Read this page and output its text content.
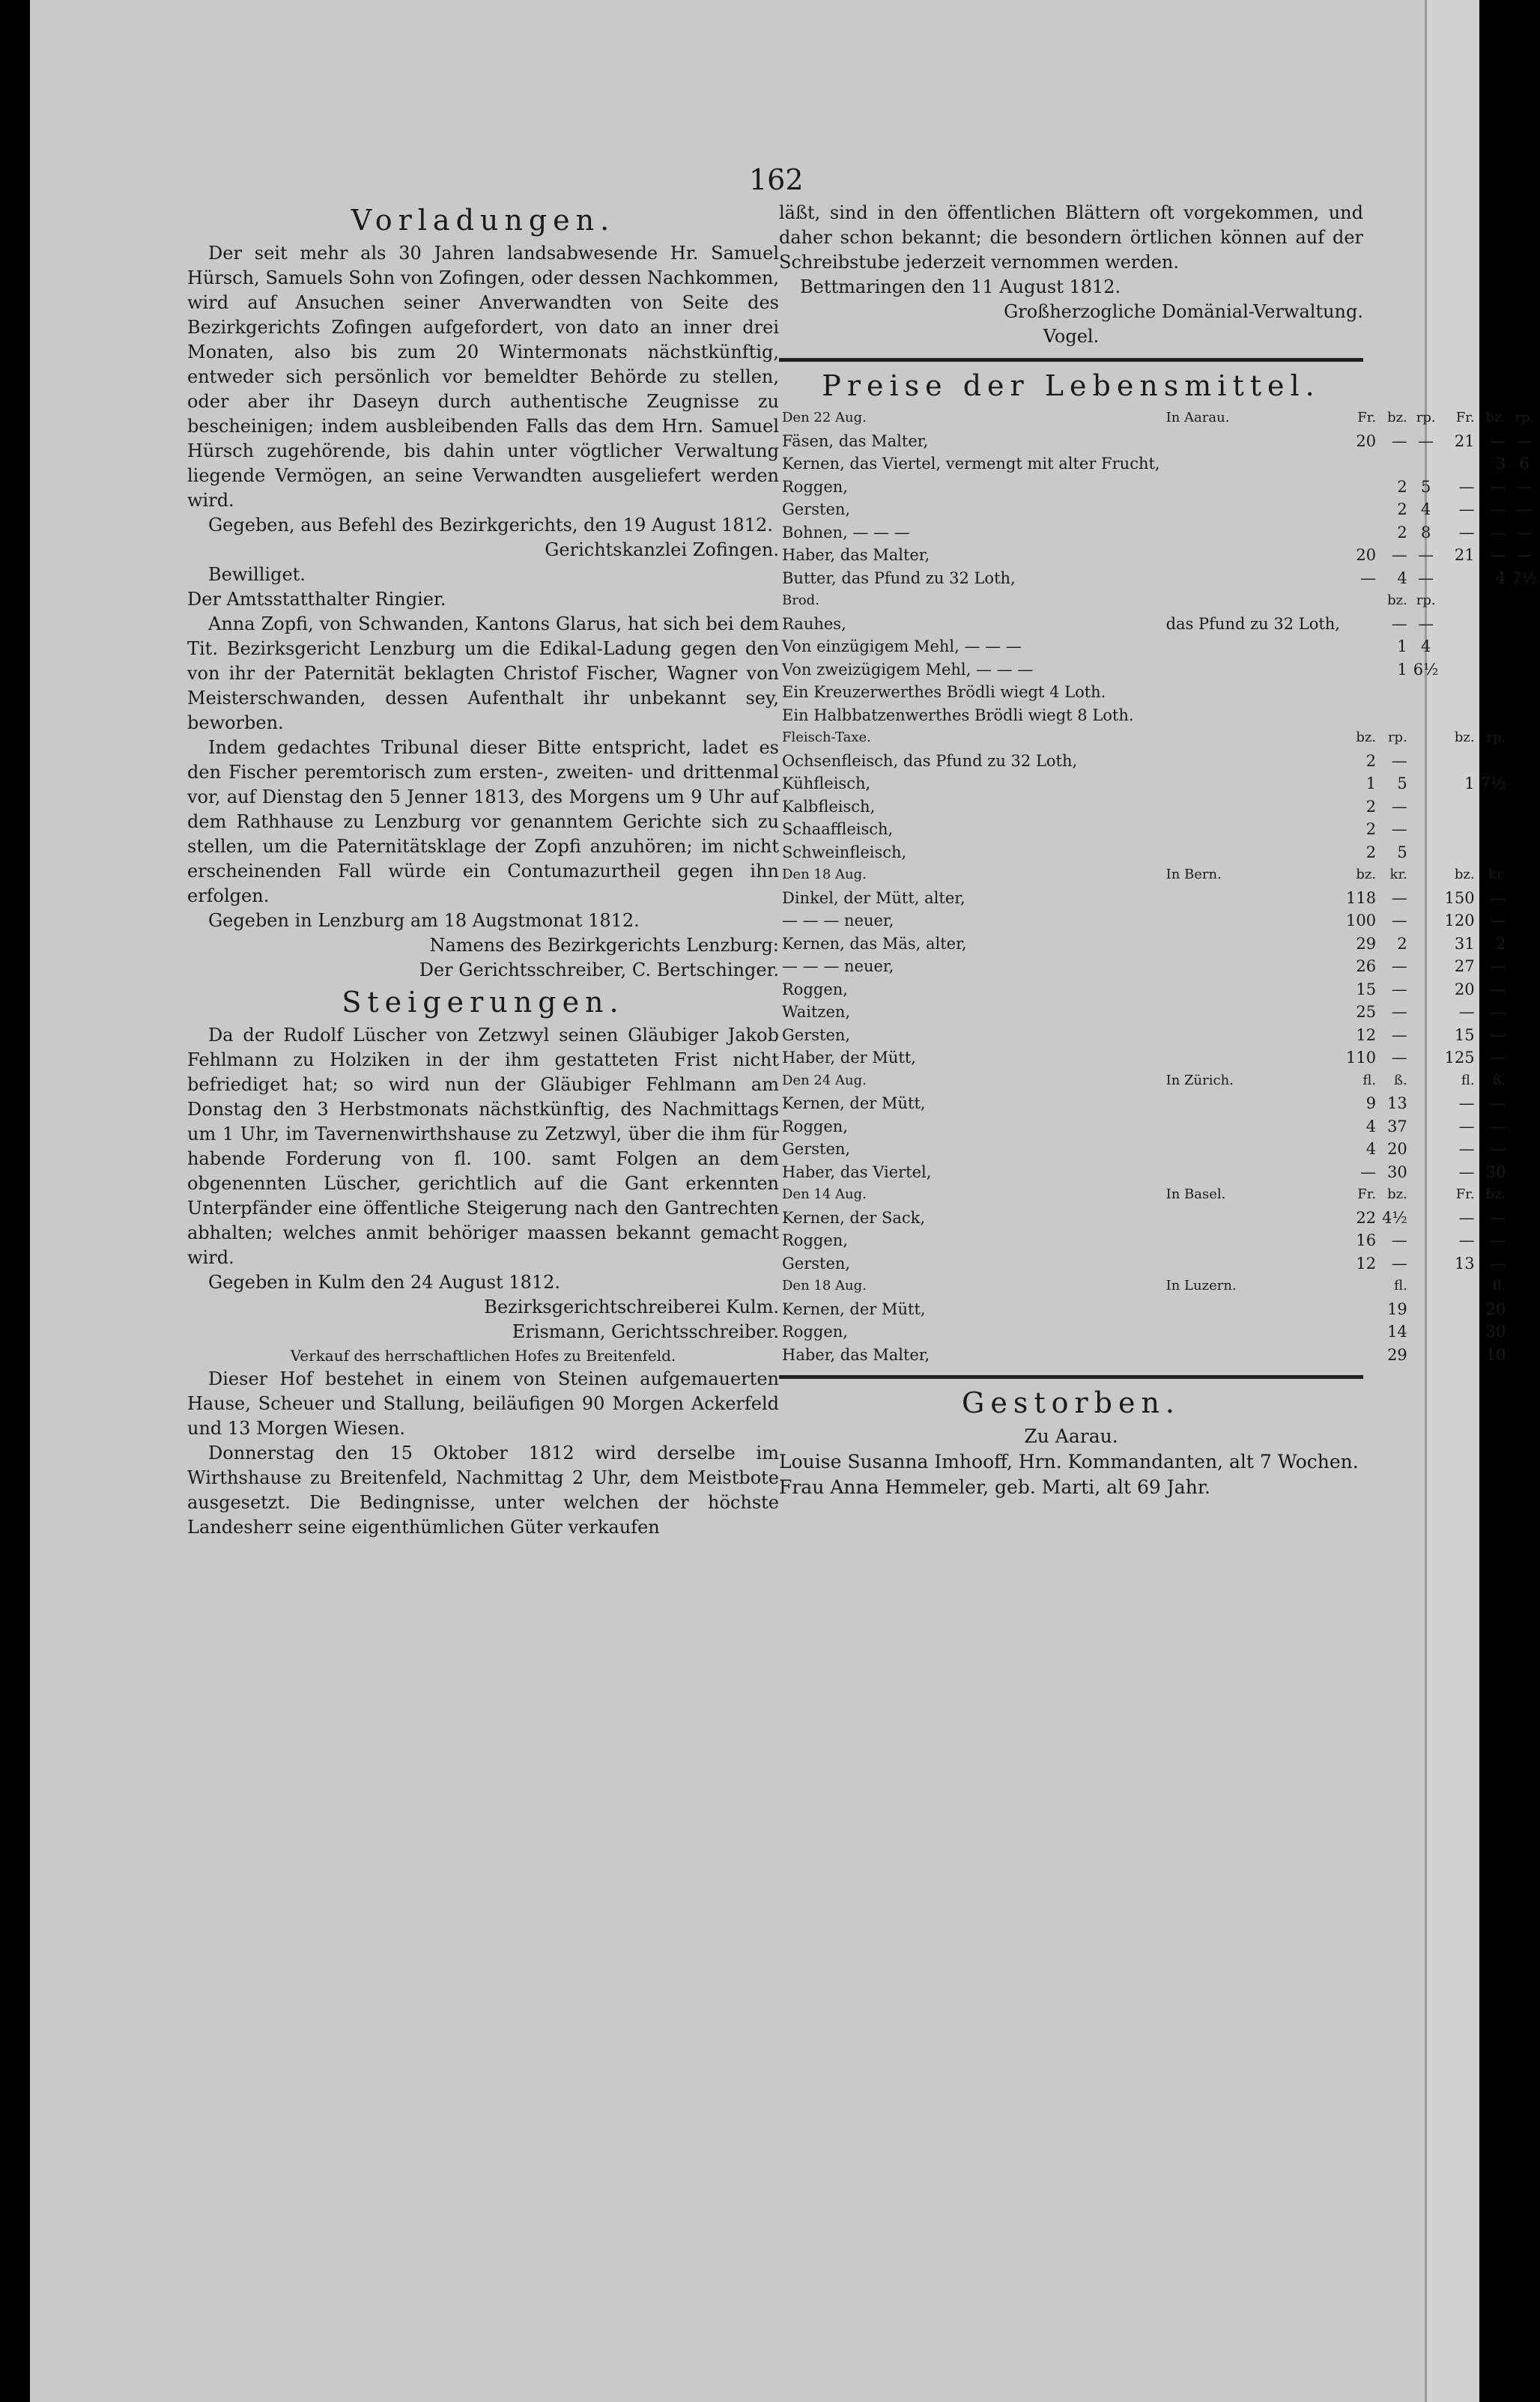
162
Vorladungen.

Der seit mehr als 30 Jahren landsabwesende Hr. Samuel Hürsch, Samuels Sohn von Zofingen, oder dessen Nachkommen, wird auf Ansuchen seiner Anverwandten von Seite des Bezirkgerichts Zofingen aufgefordert, von dato an inner drei Monaten, also bis zum 20 Wintermonats nächstkünftig, entweder sich persönlich vor bemeldter Behörde zu stellen, oder aber ihr Daseyn durch authentische Zeugnisse zu bescheinigen; indem ausbleibenden Falls das dem Hrn. Samuel Hürsch zugehörende, bis dahin unter vögtlicher Verwaltung liegende Vermögen, an seine Verwandten ausgeliefert werden wird.

Gegeben, aus Befehl des Bezirkgerichts, den 19 August 1812.

Gerichtskanzlei Zofingen.

Bewilliget.

Der Amtsstatthalter Ringier.

Anna Zopfi, von Schwanden, Kantons Glarus, hat sich bei dem Tit. Bezirksgericht Lenzburg um die Edikal-Ladung gegen den von ihr der Paternität beklagten Christof Fischer, Wagner von Meisterschwanden, dessen Aufenthalt ihr unbekannt sey, beworben.

Indem gedachtes Tribunal dieser Bitte entspricht, ladet es den Fischer peremtorisch zum ersten-, zweiten- und drittenmal vor, auf Dienstag den 5 Jenner 1813, des Morgens um 9 Uhr auf dem Rathhause zu Lenzburg vor genanntem Gerichte sich zu stellen, um die Paternitätsklage der Zopfi anzuhören; im nicht erscheinenden Fall würde ein Contumazurtheil gegen ihn erfolgen.

Gegeben in Lenzburg am 18 Augstmonat 1812.

Namens des Bezirkgerichts Lenzburg:

Der Gerichtsschreiber, C. Bertschinger.

Steigerungen.

Da der Rudolf Lüscher von Zetzwyl seinen Gläubiger Jakob Fehlmann zu Holziken in der ihm gestatteten Frist nicht befriediget hat; so wird nun der Gläubiger Fehlmann am Donstag den 3 Herbstmonats nächstkünftig, des Nachmittags um 1 Uhr, im Tavernenwirthshause zu Zetzwyl, über die ihm für habende Forderung von fl. 100. samt Folgen an dem obgenennten Lüscher, gerichtlich auf die Gant erkennten Unterpfänder eine öffentliche Steigerung nach den Gantrechten abhalten; welches anmit behöriger maassen bekannt gemacht wird.

Gegeben in Kulm den 24 August 1812.

Bezirksgerichtschreiberei Kulm.

Erismann, Gerichtsschreiber.

Verkauf des herrschaftlichen Hofes zu Breitenfeld.

Dieser Hof bestehet in einem von Steinen aufgemauerten Hause, Scheuer und Stallung, beiläufigen 90 Morgen Ackerfeld und 13 Morgen Wiesen.

Donnerstag den 15 Oktober 1812 wird derselbe im Wirthshause zu Breitenfeld, Nachmittag 2 Uhr, dem Meistbote ausgesetzt. Die Bedingnisse, unter welchen der höchste Landesherr seine eigenthümlichen Güter verkaufen

läßt, sind in den öffentlichen Blättern oft vorgekommen, und daher schon bekannt; die besondern örtlichen können auf der Schreibstube jederzeit vernommen werden.

Bettmaringen den 11 August 1812.

Großherzogliche Domänial-Verwaltung.

Vogel.

Preise der Lebensmittel.
Den 22 Aug.	In Aarau.	Fr.	bz.	rp.	Fr.	bz.	rp.
Fäsen, das Malter,		20	—	—	21	—	—
Kernen, das Viertel, vermengt mit alter Frucht,						3	6
Roggen,			2	5	—	—	—
Gersten,			2	4	—	—	—
Bohnen, — — —			2	8	—	—	—
Haber, das Malter,		20	—	—	21	—	—
Butter, das Pfund zu 32 Loth,		—	4	—		4	7½
Brod.			bz.	rp.			
Rauhes,	das Pfund zu 32 Loth,		—	—			
Von einzügigem Mehl, — — —			1	4			
Von zweizügigem Mehl, — — —			1	6½			
Ein Kreuzerwerthes Brödli wiegt 4 Loth.							
Ein Halbbatzenwerthes Brödli wiegt 8 Loth.							
Fleisch-Taxe.		bz.	rp.		bz.	rp.	
Ochsenfleisch, das Pfund zu 32 Loth,		2	—				
Kühfleisch,		1	5		1	7½	
Kalbfleisch,		2	—				
Schaaffleisch,		2	—				
Schweinfleisch,		2	5				
Den 18 Aug.	In Bern.	bz.	kr.		bz.	kr.	
Dinkel, der Mütt, alter,		118	—		150	—	
— — — neuer,		100	—		120	—	
Kernen, das Mäs, alter,		29	2		31	2	
— — — neuer,		26	—		27	—	
Roggen,		15	—		20	—	
Waitzen,		25	—		—	—	
Gersten,		12	—		15	—	
Haber, der Mütt,		110	—		125	—	
Den 24 Aug.	In Zürich.	fl.	ß.		fl.	ß.	
Kernen, der Mütt,		9	13		—	—	
Roggen,		4	37		—	—	
Gersten,		4	20		—	—	
Haber, das Viertel,		—	30		—	30	
Den 14 Aug.	In Basel.	Fr.	bz.		Fr.	bz.	
Kernen, der Sack,		22	4½		—	—	
Roggen,		16	—		—	—	
Gersten,		12	—		13	—	
Den 18 Aug.	In Luzern.		fl.			fl.	
Kernen, der Mütt,			19			20	
Roggen,			14			30	
Haber, das Malter,			29			10	
Gestorben.

Zu Aarau.

Louise Susanna Imhooff, Hrn. Kommandanten, alt 7 Wochen.

Frau Anna Hemmeler, geb. Marti, alt 69 Jahr.
